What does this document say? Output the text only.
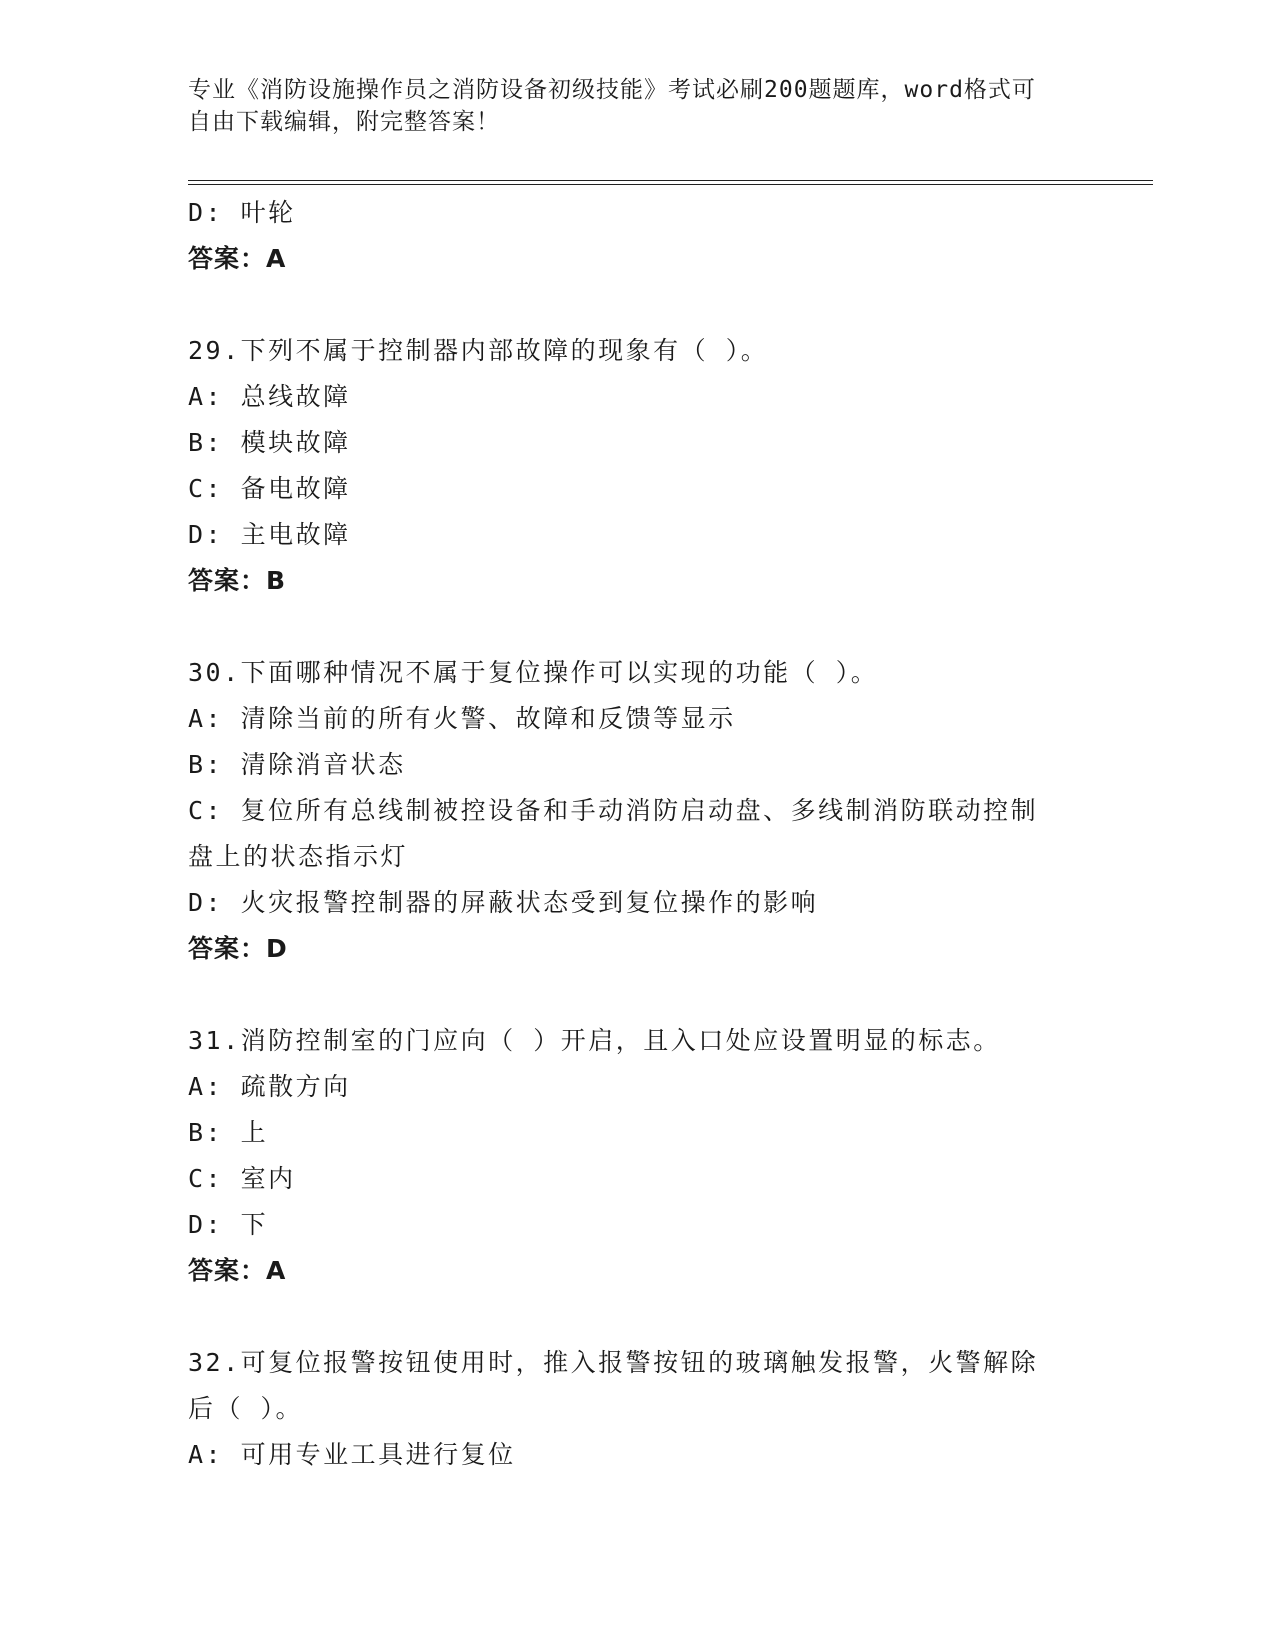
专业《消防设施操作员之消防设备初级技能》考试必刷200题题库，word格式可
自由下载编辑，附完整答案！
D: 叶轮
答案：A
29.下列不属于控制器内部故障的现象有（ ）。
A: 总线故障
B: 模块故障
C: 备电故障
D: 主电故障
答案：B
30.下面哪种情况不属于复位操作可以实现的功能（ ）。
A: 清除当前的所有火警、故障和反馈等显示
B: 清除消音状态
C: 复位所有总线制被控设备和手动消防启动盘、多线制消防联动控制
盘上的状态指示灯
D: 火灾报警控制器的屏蔽状态受到复位操作的影响
答案：D
31.消防控制室的门应向（ ）开启，且入口处应设置明显的标志。
A: 疏散方向
B: 上
C: 室内
D: 下
答案：A
32.可复位报警按钮使用时，推入报警按钮的玻璃触发报警，火警解除
后（ ）。
A: 可用专业工具进行复位
